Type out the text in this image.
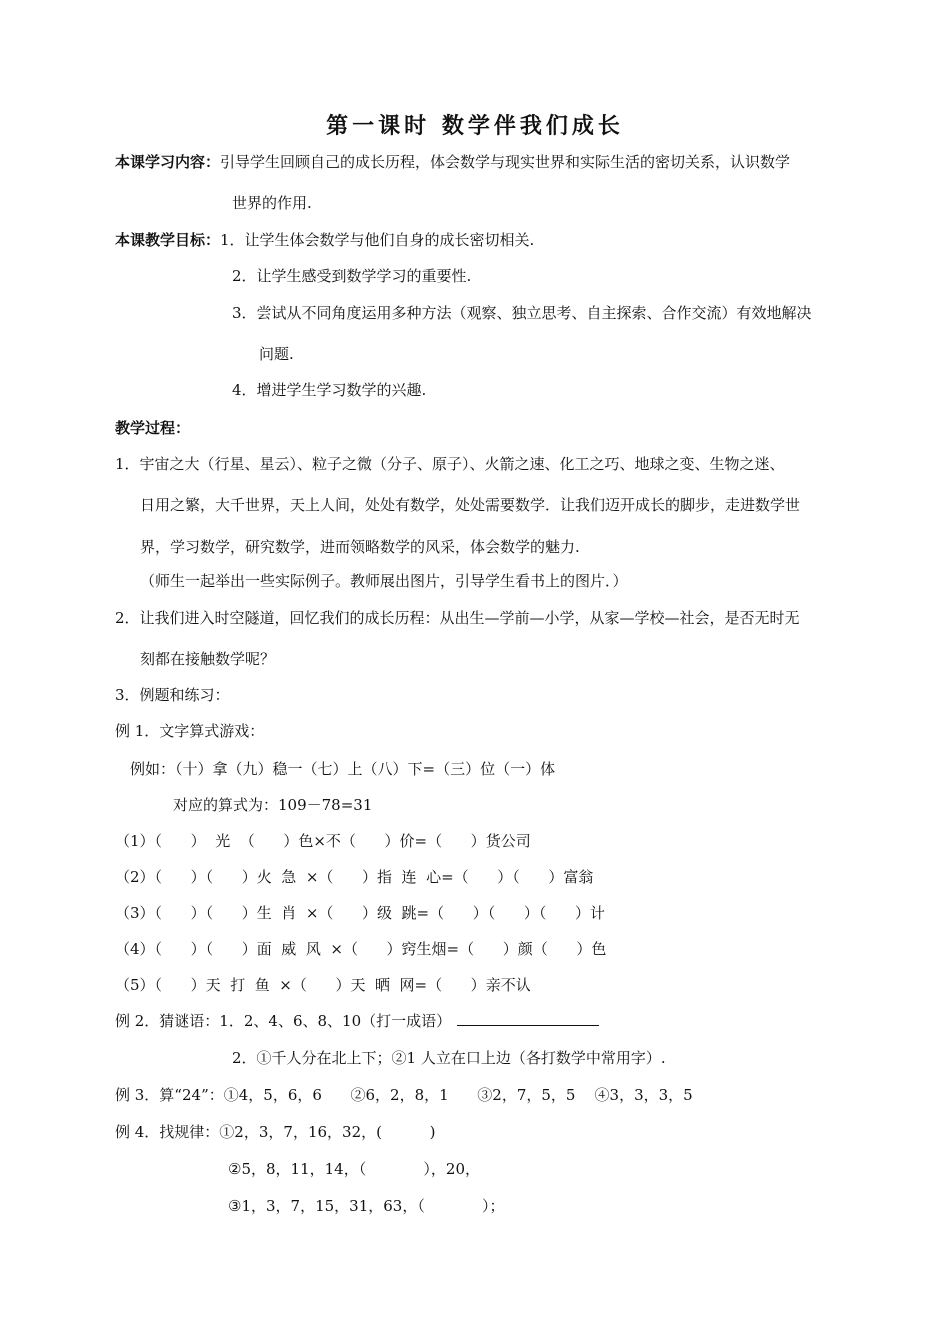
第一课时 数学伴我们成长
本课学习内容：引导学生回顾自己的成长历程，体会数学与现实世界和实际生活的密切关系，认识数学
世界的作用.
本课教学目标：1．让学生体会数学与他们自身的成长密切相关.
2．让学生感受到数学学习的重要性.
3．尝试从不同角度运用多种方法（观察、独立思考、自主探索、合作交流）有效地解决
问题.
4．增进学生学习数学的兴趣.
教学过程：
1．宇宙之大（行星、星云）、粒子之微（分子、原子）、火箭之速、化工之巧、地球之变、生物之迷、
日用之繁，大千世界，天上人间，处处有数学，处处需要数学．让我们迈开成长的脚步，走进数学世
界，学习数学，研究数学，进而领略数学的风采，体会数学的魅力.
（师生一起举出一些实际例子。教师展出图片，引导学生看书上的图片．）
2．让我们进入时空隧道，回忆我们的成长历程：从出生—学前—小学，从家—学校—社会，是否无时无
刻都在接触数学呢？
3．例题和练习：
例 1．文字算式游戏：
例如：（十）拿（九）稳一（七）上（八）下=（三）位（一）体
对应的算式为：109－78=31
（1）（      ）  光  （      ）色×不（      ）价=（      ）货公司
（2）（      ）（      ）火  急  ×（      ）指  连  心=（      ）（      ）富翁
（3）（      ）（      ）生  肖  ×（      ）级  跳=（      ）（      ）（      ）计
（4）（      ）（      ）面  威  风  ×（      ）窍生烟=（      ）颜（      ）色
（5）（      ）天  打  鱼  ×（      ）天  晒  网=（      ）亲不认
例 2．猜谜语：1．2、4、6、8、10（打一成语）
2．①千人分在北上下；②1 人立在口上边（各打数学中常用字）.
例 3．算“24”：①4，5，6，6      ②6，2，8，1      ③2，7，5，5    ④3，3，3，5
例 4．找规律：①2，3，7，16，32，(          )
②5，8，11，14，（            ），20，
③1，3，7，15，31，63，（            ）；
